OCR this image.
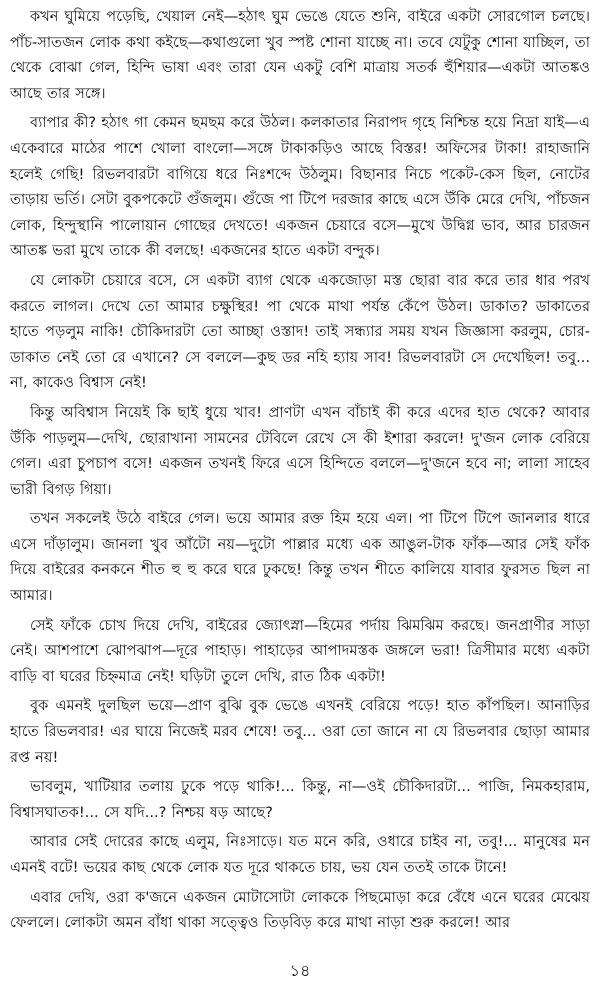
কখন ঘুমিয়ে পড়েছি, খেয়াল নেই—হঠাৎ ঘুম ভেঙে যেতে শুনি, বাইরে একটা সোরগোল চলছে। পাঁচ-সাতজন লোক কথা কইছে—কথাগুলো খুব স্পষ্ট শোনা যাচ্ছে না। তবে যেটুকু শোনা যাচ্ছিল, তা থেকে বোঝা গেল, হিন্দি ভাষা এবং তারা যেন একটু বেশি মাত্রায় সতর্ক হুঁশিয়ার—একটা আতঙ্কও আছে তার সঙ্গে।

ব্যাপার কী? হঠাৎ গা কেমন ছমছম করে উঠল। কলকাতার নিরাপদ গৃহে নিশ্চিন্ত হয়ে নিদ্রা যাই—এ একেবারে মাঠের পাশে খোলা বাংলো—সঙ্গে টাকাকড়িও আছে বিস্তর! অফিসের টাকা! রাহাজানি হলেই গেছি! রিভলবারটা বাগিয়ে ধরে নিঃশব্দে উঠলুম। বিছানার নিচে পকেট-কেস ছিল, নোটের তাড়ায় ভর্তি। সেটা বুকপকেটে গুঁজলুম। গুঁজে পা টিপে দরজার কাছে এসে উঁকি মেরে দেখি, পাঁচজন লোক, হিন্দুস্থানি পালোয়ান গোছের দেখতে! একজন চেয়ারে বসে—মুখে উদ্বিগ্ন ভাব, আর চারজন আতঙ্ক ভরা মুখে তাকে কী বলছে! একজনের হাতে একটা বন্দুক।

যে লোকটা চেয়ারে বসে, সে একটা ব্যাগ থেকে একজোড়া মস্ত ছোরা বার করে তার ধার পরখ করতে লাগল। দেখে তো আমার চক্ষুস্থির! পা থেকে মাথা পর্যন্ত কেঁপে উঠল। ডাকাত? ডাকাতের হাতে পড়লুম নাকি! চৌকিদারটা তো আচ্ছা ওস্তাদ! তাই সন্ধ্যার সময় যখন জিজ্ঞাসা করলুম, চোর-ডাকাত নেই তো রে এখানে? সে বললে—কুছ ডর নহি হ্যায় সাব! রিভলবারটা সে দেখেছিল! তবু... না, কাকেও বিশ্বাস নেই!

কিন্তু অবিশ্বাস নিয়েই কি ছাই ধুয়ে খাব! প্রাণটা এখন বাঁচাই কী করে এদের হাত থেকে? আবার উঁকি পাড়লুম—দেখি, ছোরাখানা সামনের টেবিলে রেখে সে কী ইশারা করলে! দু'জন লোক বেরিয়ে গেল। এরা চুপচাপ বসে! একজন তখনই ফিরে এসে হিন্দিতে বললে—দু'জনে হবে না; লালা সাহেব ভারী বিগড় গিয়া।

তখন সকলেই উঠে বাইরে গেল। ভয়ে আমার রক্ত হিম হয়ে এল। পা টিপে টিপে জানলার ধারে এসে দাঁড়ালুম। জানলা খুব আঁটো নয়—দুটো পাল্লার মধ্যে এক আঙুল-টাক ফাঁক—আর সেই ফাঁক দিয়ে বাইরের কনকনে শীত হু হু করে ঘরে ঢুকছে! কিন্তু তখন শীতে কালিয়ে যাবার ফুরসত ছিল না আমার।

সেই ফাঁকে চোখ দিয়ে দেখি, বাইরের জ্যোৎস্না—হিমের পর্দায় ঝিমঝিম করছে। জনপ্রাণীর সাড়া নেই। আশপাশে ঝোপঝাপ—দূরে পাহাড়। পাহাড়ের আপাদমস্তক জঙ্গলে ভরা! ত্রিসীমার মধ্যে একটা বাড়ি বা ঘরের চিহ্নমাত্র নেই! ঘড়িটা তুলে দেখি, রাত ঠিক একটা!

বুক এমনই দুলছিল ভয়ে—প্রাণ বুঝি বুক ভেঙে এখনই বেরিয়ে পড়ে! হাত কাঁপছিল। আনাড়ির হাতে রিভলবার! এর ঘায়ে নিজেই মরব শেষে! তবু... ওরা তো জানে না যে রিভলবার ছোড়া আমার রপ্ত নয়!

ভাবলুম, খাটিয়ার তলায় ঢুকে পড়ে থাকি!... কিন্তু, না—ওই চৌকিদারটা... পাজি, নিমকহারাম, বিশ্বাসঘাতক!... সে যদি...? নিশ্চয় ষড় আছে?

আবার সেই দোরের কাছে এলুম, নিঃসাড়ে। যত মনে করি, ওধারে চাইব না, তবু!... মানুষের মন এমনই বটে! ভয়ের কাছ থেকে লোক যত দূরে থাকতে চায়, ভয় যেন ততই তাকে টানে!

এবার দেখি, ওরা ক'জনে একজন মোটাসোটা লোককে পিছমোড়া করে বেঁধে এনে ঘরের মেঝেয় ফেললে। লোকটা অমন বাঁধা থাকা সত্ত্বেও তিড়বিড় করে মাথা নাড়া শুরু করলে! আর

১৪
